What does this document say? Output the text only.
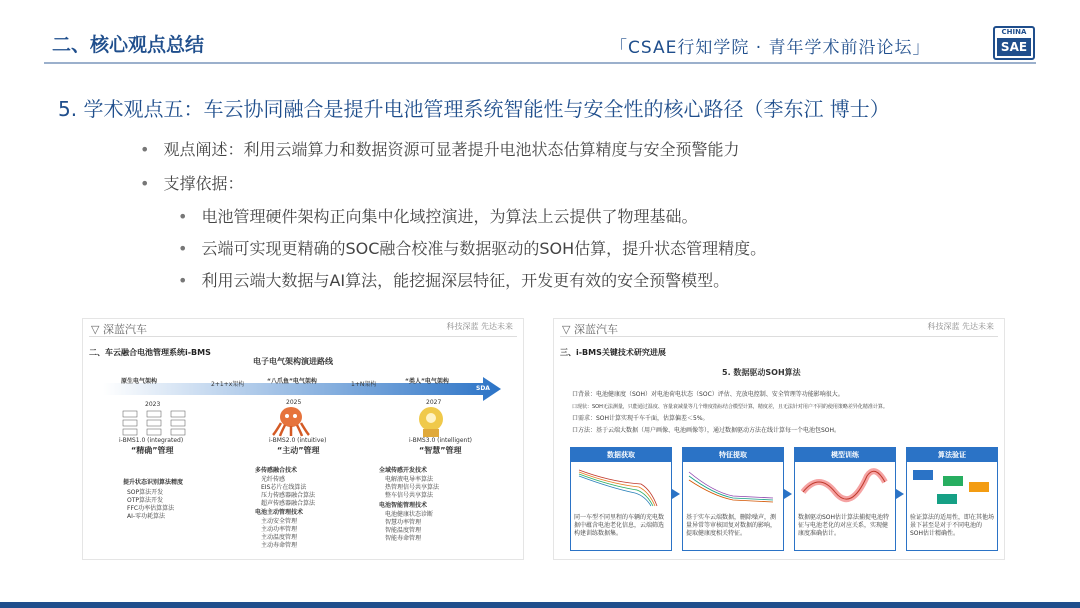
二、核心观点总结	「CSAE行知学院 · 青年学术前沿论坛」
CHINA
SAE
5. 学术观点五：车云协同融合是提升电池管理系统智能性与安全性的核心路径（李东江 博士）
• 观点阐述：利用云端算力和数据资源可显著提升电池状态估算精度与安全预警能力
• 支撑依据：
• 电池管理硬件架构正向集中化域控演进，为算法上云提供了物理基础。
• 云端可实现更精确的SOC融合校准与数据驱动的SOH估算，提升状态管理精度。
• 利用云端大数据与AI算法，能挖掘深层特征，开发更有效的安全预警模型。
▽ 深蓝汽车	科技深蓝 先达未来
二、车云融合电池管理系统i-BMS
电子电气架构演进路线
SDA
2+1+x架构	1+N架构
原生电气架构
2023
i-BMS1.0 (integrated)
“精确”管理
“八爪鱼”电气架构
2025
i-BMS2.0 (intuitive)
“主动”管理
“类人”电气架构
2027
i-BMS3.0 (intelligent)
“智慧”管理
提升状态识别算法精度
SOP算法开发
OTP算法开发
FFC功率估算算法
AI-零功耗算法
多传感融合技术
光纤传感
EIS芯片在线算法
压力传感器融合算法
超声传感器融合算法
电池主动管理技术
主动安全管理
主动功率管理
主动温度管理
主动寿命管理
全域传感开发技术
电解液电导率算法
热管理信号共享算法
整车信号共享算法
电池智能管理技术
电池健康状态诊断
智慧功率管理
智能温度管理
智能寿命管理
▽ 深蓝汽车	科技深蓝 先达未来
三、i-BMS关键技术研究进展
5. 数据驱动SOH算法
口背景：电池健康度（SOH）对电池荷电状态（SOC）评估、充放电控制、安全管理等功能影响很大。
口现状：SOH无法测量，只能通过温度、容量衰减量等几个维度指标结合模型计算，精度差，且无法针对用户不同的使用策略差异化精准计算。
口需求：SOH计算实现千车千面，估算偏差＜5%。
口方法：基于云端大数据（用户画像、电池画像等），通过数据驱动方法在线计算每一个电池包SOH。
数据获取
同一车型不同里程的车辆的充电数据中蕴含电池老化信息，云端筛选构建训练数据集。
特征提取
基于实车云端数据，删除噪声，测量异常等审核回复对数据的影响，提取健康度相关特征。
模型训练
数据驱动SOH估计算法捕捉电池特征与电池老化的对应关系，实现健康度准确估计。
算法验证
验证算法的适用性，即在其他场景下甚至是对于不同电池的SOH估计精确性。
